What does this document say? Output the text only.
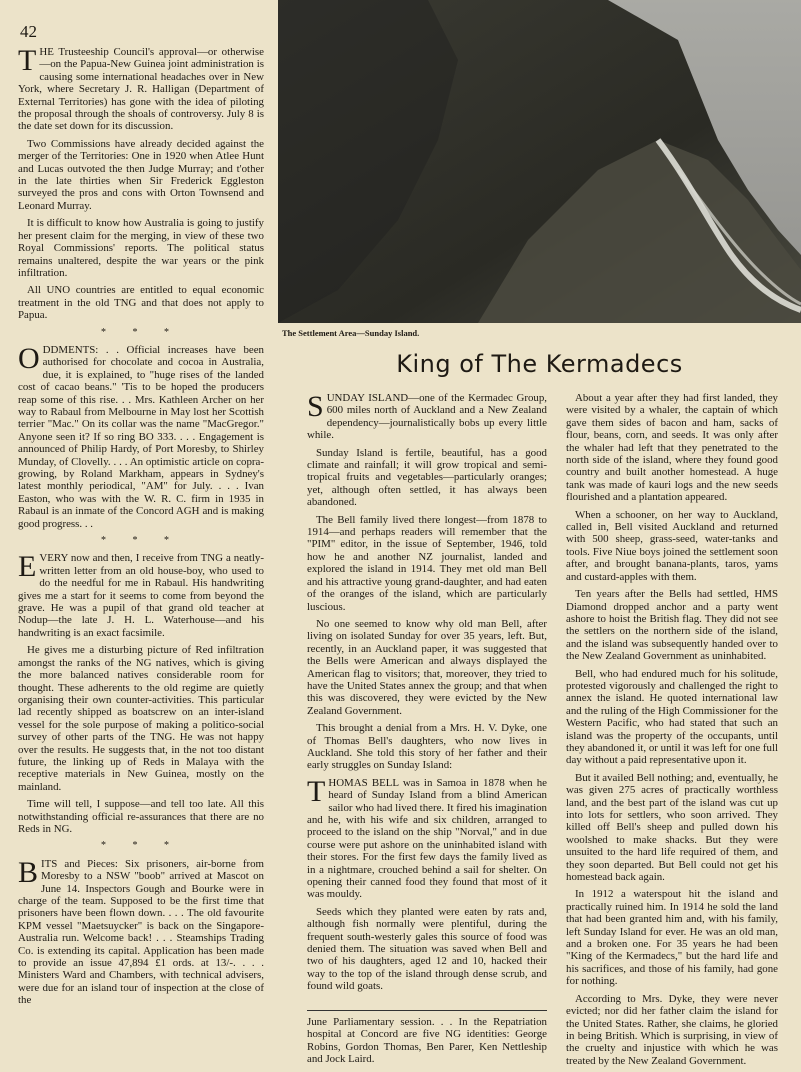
42

THE Trusteeship Council's approval—or otherwise—on the Papua-New Guinea joint administration is causing some international headaches over in New York, where Secretary J. R. Halligan (Department of External Territories) has gone with the idea of piloting the proposal through the shoals of controversy. July 8 is the date set down for its discussion.

Two Commissions have already decided against the merger of the Territories: One in 1920 when Atlee Hunt and Lucas outvoted the then Judge Murray; and t'other in the late thirties when Sir Frederick Eggleston surveyed the pros and cons with Orton Townsend and Leonard Murray.

It is difficult to know how Australia is going to justify her present claim for the merging, in view of these two Royal Commissions' reports. The political status remains unaltered, despite the war years or the pink infiltration.

All UNO countries are entitled to equal economic treatment in the old TNG and that does not apply to Papua.

* * *

ODDMENTS: . . Official increases have been authorised for chocolate and cocoa in Australia, due, it is explained, to "huge rises of the landed cost of cacao beans." 'Tis to be hoped the producers reap some of this rise. . . Mrs. Kathleen Archer on her way to Rabaul from Melbourne in May lost her Scottish terrier "Mac." On its collar was the name "MacGregor." Anyone seen it? If so ring BO 333. . . . Engagement is announced of Philip Hardy, of Port Moresby, to Shirley Munday, of Clovelly. . . . An optimistic article on copra-growing, by Roland Markham, appears in Sydney's latest monthly periodical, "AM" for July. . . . Ivan Easton, who was with the W. R. C. firm in 1935 in Rabaul is an inmate of the Concord AGH and is making good progress. . .

* * *

EVERY now and then, I receive from TNG a neatly-written letter from an old house-boy, who used to do the needful for me in Rabaul. His handwriting gives me a start for it seems to come from beyond the grave. He was a pupil of that grand old teacher at Nodup—the late J. H. L. Waterhouse—and his handwriting is an exact facsimile.

He gives me a disturbing picture of Red infiltration amongst the ranks of the NG natives, which is giving the more balanced natives considerable room for thought. These adherents to the old regime are quietly organising their own counter-activities. This particular lad recently shipped as boatscrew on an inter-island vessel for the sole purpose of making a politico-social survey of other parts of the TNG. He was not happy over the results. He suggests that, in the not too distant future, the linking up of Reds in Malaya with the receptive materials in New Guinea, mostly on the mainland.

Time will tell, I suppose—and tell too late. All this notwithstanding official re-assurances that there are no Reds in NG.

* * *

BITS and Pieces: Six prisoners, air-borne from Moresby to a NSW "boob" arrived at Mascot on June 14. Inspectors Gough and Bourke were in charge of the team. Supposed to be the first time that prisoners have been flown down. . . . The old favourite KPM vessel "Maetsuycker" is back on the Singapore-Australia run. Welcome back! . . . Steamships Trading Co. is extending its capital. Application has been made to provide an issue 47,894 £1 ords. at 13/-. . . . Ministers Ward and Chambers, with technical advisers, were due for an island tour of inspection at the close of the

The Settlement Area—Sunday Island.
King of The Kermadecs

SUNDAY ISLAND—one of the Kermadec Group, 600 miles north of Auckland and a New Zealand dependency—journalistically bobs up every little while.

Sunday Island is fertile, beautiful, has a good climate and rainfall; it will grow tropical and semi-tropical fruits and vegetables—particularly oranges; yet, although often settled, it has always been abandoned.

The Bell family lived there longest—from 1878 to 1914—and perhaps readers will remember that the "PIM" editor, in the issue of September, 1946, told how he and another NZ journalist, landed and explored the island in 1914. They met old man Bell and his attractive young grand-daughter, and had eaten of the oranges of the island, which are particularly luscious.

No one seemed to know why old man Bell, after living on isolated Sunday for over 35 years, left. But, recently, in an Auckland paper, it was suggested that the Bells were American and always displayed the American flag to visitors; that, moreover, they tried to have the United States annex the group; and that when this was discovered, they were evicted by the New Zealand Government.

This brought a denial from a Mrs. H. V. Dyke, one of Thomas Bell's daughters, who now lives in Auckland. She told this story of her father and their early struggles on Sunday Island:

THOMAS BELL was in Samoa in 1878 when he heard of Sunday Island from a blind American sailor who had lived there. It fired his imagination and he, with his wife and six children, arranged to proceed to the island on the ship "Norval," and in due course were put ashore on the uninhabited island with their stores. For the first few days the family lived as in a nightmare, crouched behind a sail for shelter. On opening their canned food they found that most of it was mouldy.

Seeds which they planted were eaten by rats and, although fish normally were plentiful, during the frequent south-westerly gales this source of food was denied them. The situation was saved when Bell and two of his daughters, aged 12 and 10, hacked their way to the top of the island through dense scrub, and found wild goats.

June Parliamentary session. . . In the Repatriation hospital at Concord are five NG identities: George Robins, Gordon Thomas, Ben Parer, Ken Nettleship and Jock Laird.

About a year after they had first landed, they were visited by a whaler, the captain of which gave them sides of bacon and ham, sacks of flour, beans, corn, and seeds. It was only after the whaler had left that they penetrated to the north side of the island, where they found good country and built another homestead. A huge tank was made of kauri logs and the new seeds flourished and a plantation appeared.

When a schooner, on her way to Auckland, called in, Bell visited Auckland and returned with 500 sheep, grass-seed, water-tanks and tools. Five Niue boys joined the settlement soon after, and brought banana-plants, taros, yams and custard-apples with them.

Ten years after the Bells had settled, HMS Diamond dropped anchor and a party went ashore to hoist the British flag. They did not see the settlers on the northern side of the island, and the island was subsequently handed over to the New Zealand Government as uninhabited.

Bell, who had endured much for his solitude, protested vigorously and challenged the right to annex the island. He quoted international law and the ruling of the High Commissioner for the Western Pacific, who had stated that such an island was the property of the occupants, until they abandoned it, or until it was left for one full day without a paid representative upon it.

But it availed Bell nothing; and, eventually, he was given 275 acres of practically worthless land, and the best part of the island was cut up into lots for settlers, who soon arrived. They killed off Bell's sheep and pulled down his woolshed to make shacks. But they were unsuited to the hard life required of them, and they soon departed. But Bell could not get his homestead back again.

In 1912 a waterspout hit the island and practically ruined him. In 1914 he sold the land that had been granted him and, with his family, left Sunday Island for ever. He was an old man, and a broken one. For 35 years he had been "King of the Kermadecs," but the hard life and his sacrifices, and those of his family, had gone for nothing.

According to Mrs. Dyke, they were never evicted; nor did her father claim the island for the United States. Rather, she claims, he gloried in being British. Which is surprising, in view of the cruelty and injustice with which he was treated by the New Zealand Government.
